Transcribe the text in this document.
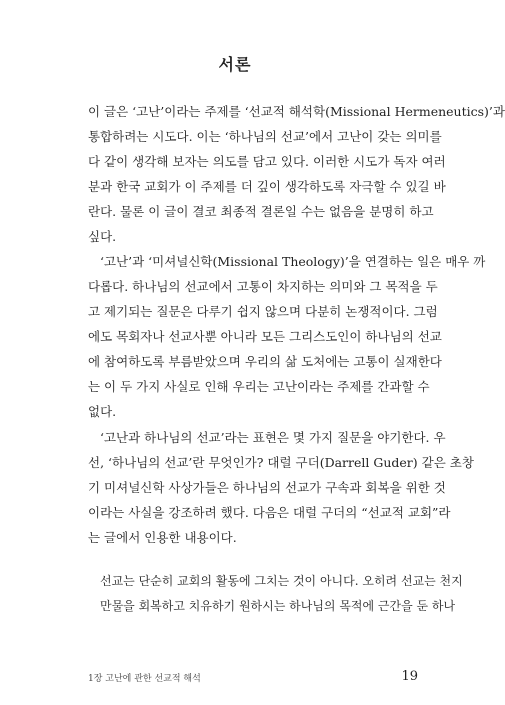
서론
이 글은 ‘고난’이라는 주제를 ‘선교적 해석학(Missional Hermeneutics)’과
통합하려는 시도다. 이는 ‘하나님의 선교’에서 고난이 갖는 의미를
다 같이 생각해 보자는 의도를 담고 있다. 이러한 시도가 독자 여러
분과 한국 교회가 이 주제를 더 깊이 생각하도록 자극할 수 있길 바
란다. 물론 이 글이 결코 최종적 결론일 수는 없음을 분명히 하고
싶다.
‘고난’과 ‘미셔널신학(Missional Theology)’을 연결하는 일은 매우 까
다롭다. 하나님의 선교에서 고통이 차지하는 의미와 그 목적을 두
고 제기되는 질문은 다루기 쉽지 않으며 다분히 논쟁적이다. 그럼
에도 목회자나 선교사뿐 아니라 모든 그리스도인이 하나님의 선교
에 참여하도록 부름받았으며 우리의 삶 도처에는 고통이 실재한다
는 이 두 가지 사실로 인해 우리는 고난이라는 주제를 간과할 수
없다.
‘고난과 하나님의 선교’라는 표현은 몇 가지 질문을 야기한다. 우
선, ‘하나님의 선교’란 무엇인가? 대럴 구더(Darrell Guder) 같은 초창
기 미셔널신학 사상가들은 하나님의 선교가 구속과 회복을 위한 것
이라는 사실을 강조하려 했다. 다음은 대럴 구더의 “선교적 교회”라
는 글에서 인용한 내용이다.
선교는 단순히 교회의 활동에 그치는 것이 아니다. 오히려 선교는 천지
만물을 회복하고 치유하기 원하시는 하나님의 목적에 근간을 둔 하나
1장 고난에 관한 선교적 해석	19
